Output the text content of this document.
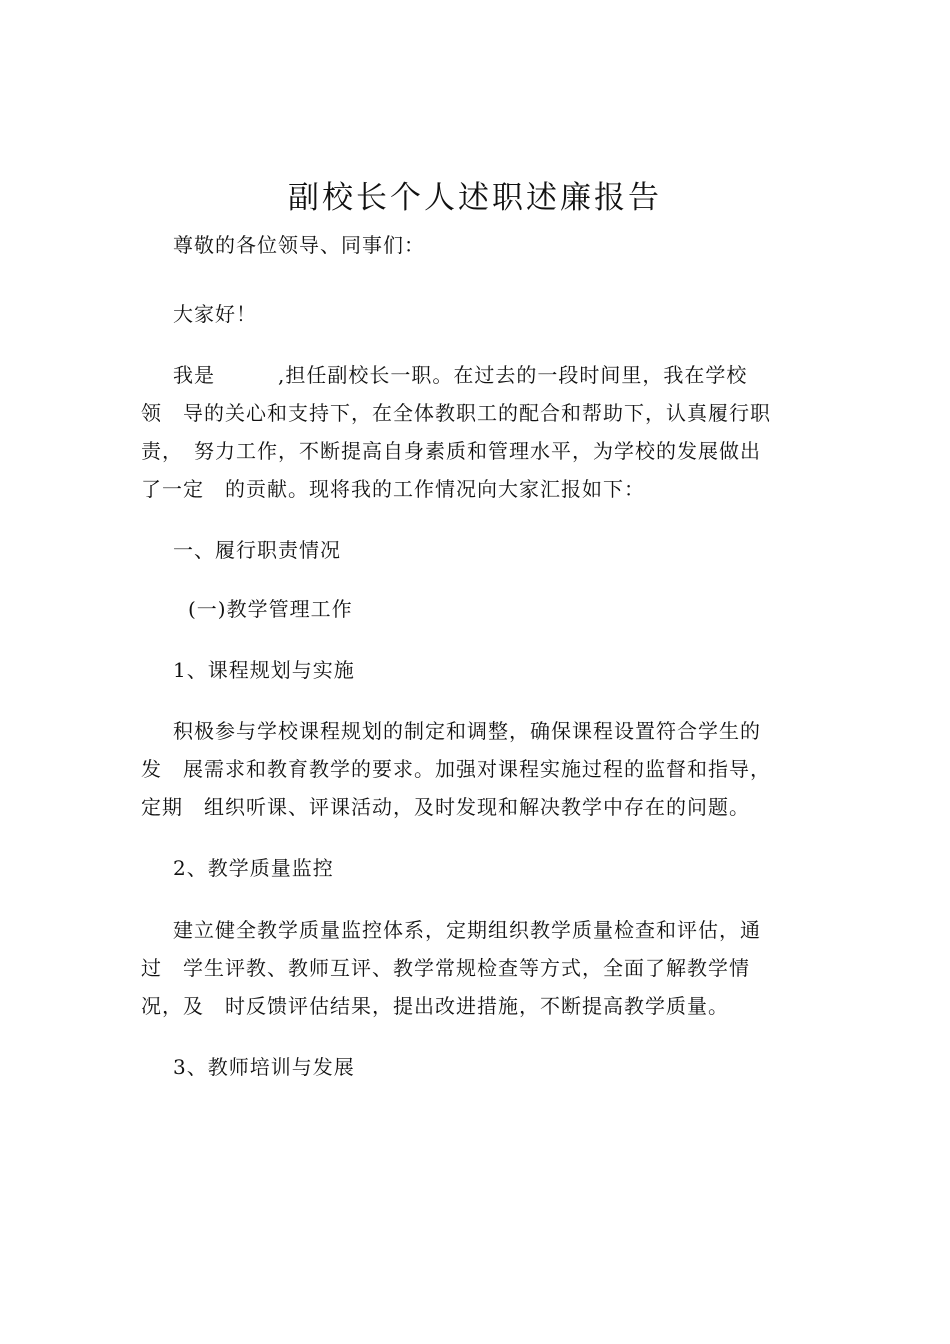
副校长个人述职述廉报告
尊敬的各位领导、同事们：
大家好！
我是　　　,担任副校长一职。在过去的一段时间里，我在学校
领　导的关心和支持下，在全体教职工的配合和帮助下，认真履行职
责，　努力工作，不断提高自身素质和管理水平，为学校的发展做出
了一定　的贡献。现将我的工作情况向大家汇报如下：
一、履行职责情况
(一)教学管理工作
1、课程规划与实施
积极参与学校课程规划的制定和调整，确保课程设置符合学生的
发　展需求和教育教学的要求。加强对课程实施过程的监督和指导，
定期　组织听课、评课活动，及时发现和解决教学中存在的问题。
2、教学质量监控
建立健全教学质量监控体系，定期组织教学质量检查和评估，通
过　学生评教、教师互评、教学常规检查等方式，全面了解教学情
况，及　时反馈评估结果，提出改进措施，不断提高教学质量。
3、教师培训与发展
